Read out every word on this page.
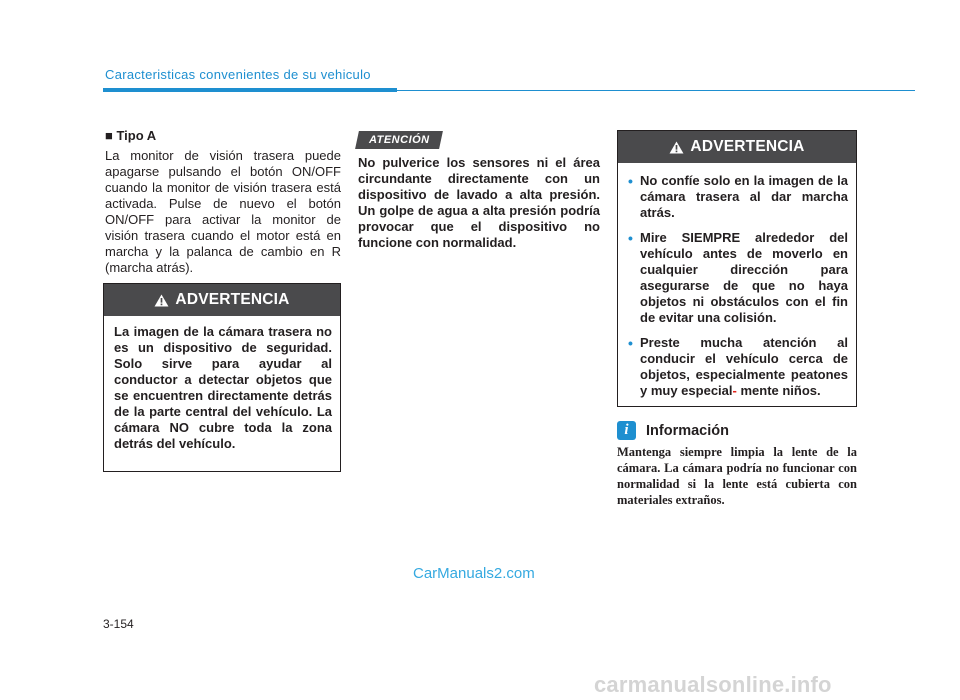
Caracteristicas convenientes de su vehiculo
■ Tipo A
La monitor de visión trasera puede apagarse pulsando el botón ON/OFF cuando la monitor de visión trasera está activada. Pulse de nuevo el botón ON/OFF para activar la monitor de visión trasera cuando el motor está en marcha y la palanca de cambio en R (marcha atrás).
ADVERTENCIA
La imagen de la cámara trasera no es un dispositivo de seguridad. Solo sirve para ayudar al conductor a detectar objetos que se encuentren directamente detrás de la parte central del vehículo. La cámara NO cubre toda la zona detrás del vehículo.
ATENCIÓN
No pulverice los sensores ni el área circundante directamente con un dispositivo de lavado a alta presión. Un golpe de agua a alta presión podría provocar que el dispositivo no funcione con normalidad.
ADVERTENCIA
• No confíe solo en la imagen de la cámara trasera al dar marcha atrás.
• Mire SIEMPRE alrededor del vehículo antes de moverlo en cualquier dirección para asegurarse de que no haya objetos ni obstáculos con el fin de evitar una colisión.
• Preste mucha atención al conducir el vehículo cerca de objetos, especialmente peatones y muy especial- mente niños.
i	Información
Mantenga siempre limpia la lente de la cámara. La cámara podría no funcionar con normalidad si la lente está cubierta con materiales extraños.
CarManuals2.com
3-154
carmanualsonline.info
